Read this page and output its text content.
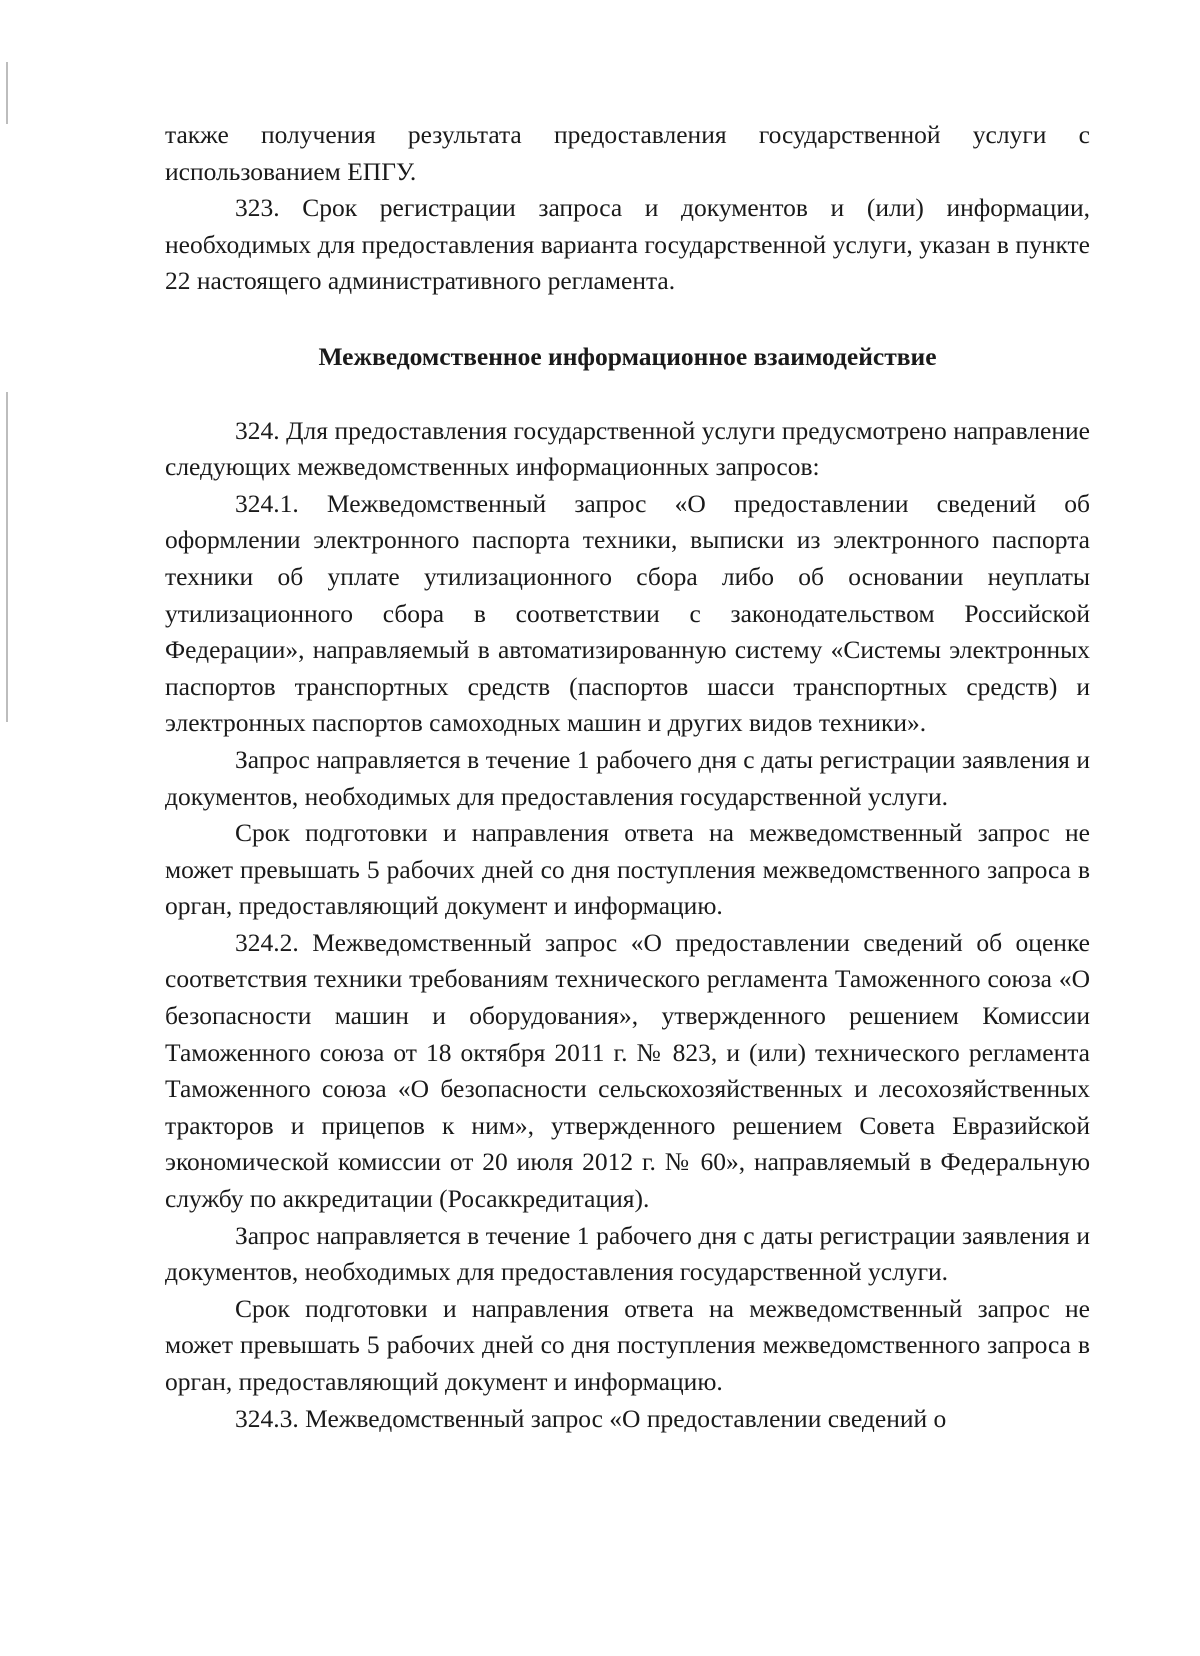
также получения результата предоставления государственной услуги с использованием ЕПГУ.

323. Срок регистрации запроса и документов и (или) информации, необходимых для предоставления варианта государственной услуги, указан в пункте 22 настоящего административного регламента.

Межведомственное информационное взаимодействие

324. Для предоставления государственной услуги предусмотрено направление следующих межведомственных информационных запросов:

324.1. Межведомственный запрос «О предоставлении сведений об оформлении электронного паспорта техники, выписки из электронного паспорта техники об уплате утилизационного сбора либо об основании неуплаты утилизационного сбора в соответствии с законодательством Российской Федерации», направляемый в автоматизированную систему «Системы электронных паспортов транспортных средств (паспортов шасси транспортных средств) и электронных паспортов самоходных машин и других видов техники».

Запрос направляется в течение 1 рабочего дня с даты регистрации заявления и документов, необходимых для предоставления государственной услуги.

Срок подготовки и направления ответа на межведомственный запрос не может превышать 5 рабочих дней со дня поступления межведомственного запроса в орган, предоставляющий документ и информацию.

324.2. Межведомственный запрос «О предоставлении сведений об оценке соответствия техники требованиям технического регламента Таможенного союза «О безопасности машин и оборудования», утвержденного решением Комиссии Таможенного союза от 18 октября 2011 г. № 823, и (или) технического регламента Таможенного союза «О безопасности сельскохозяйственных и лесохозяйственных тракторов и прицепов к ним», утвержденного решением Совета Евразийской экономической комиссии от 20 июля 2012 г. № 60», направляемый в Федеральную службу по аккредитации (Росаккредитация).

Запрос направляется в течение 1 рабочего дня с даты регистрации заявления и документов, необходимых для предоставления государственной услуги.

Срок подготовки и направления ответа на межведомственный запрос не может превышать 5 рабочих дней со дня поступления межведомственного запроса в орган, предоставляющий документ и информацию.

324.3. Межведомственный запрос «О предоставлении сведений о
